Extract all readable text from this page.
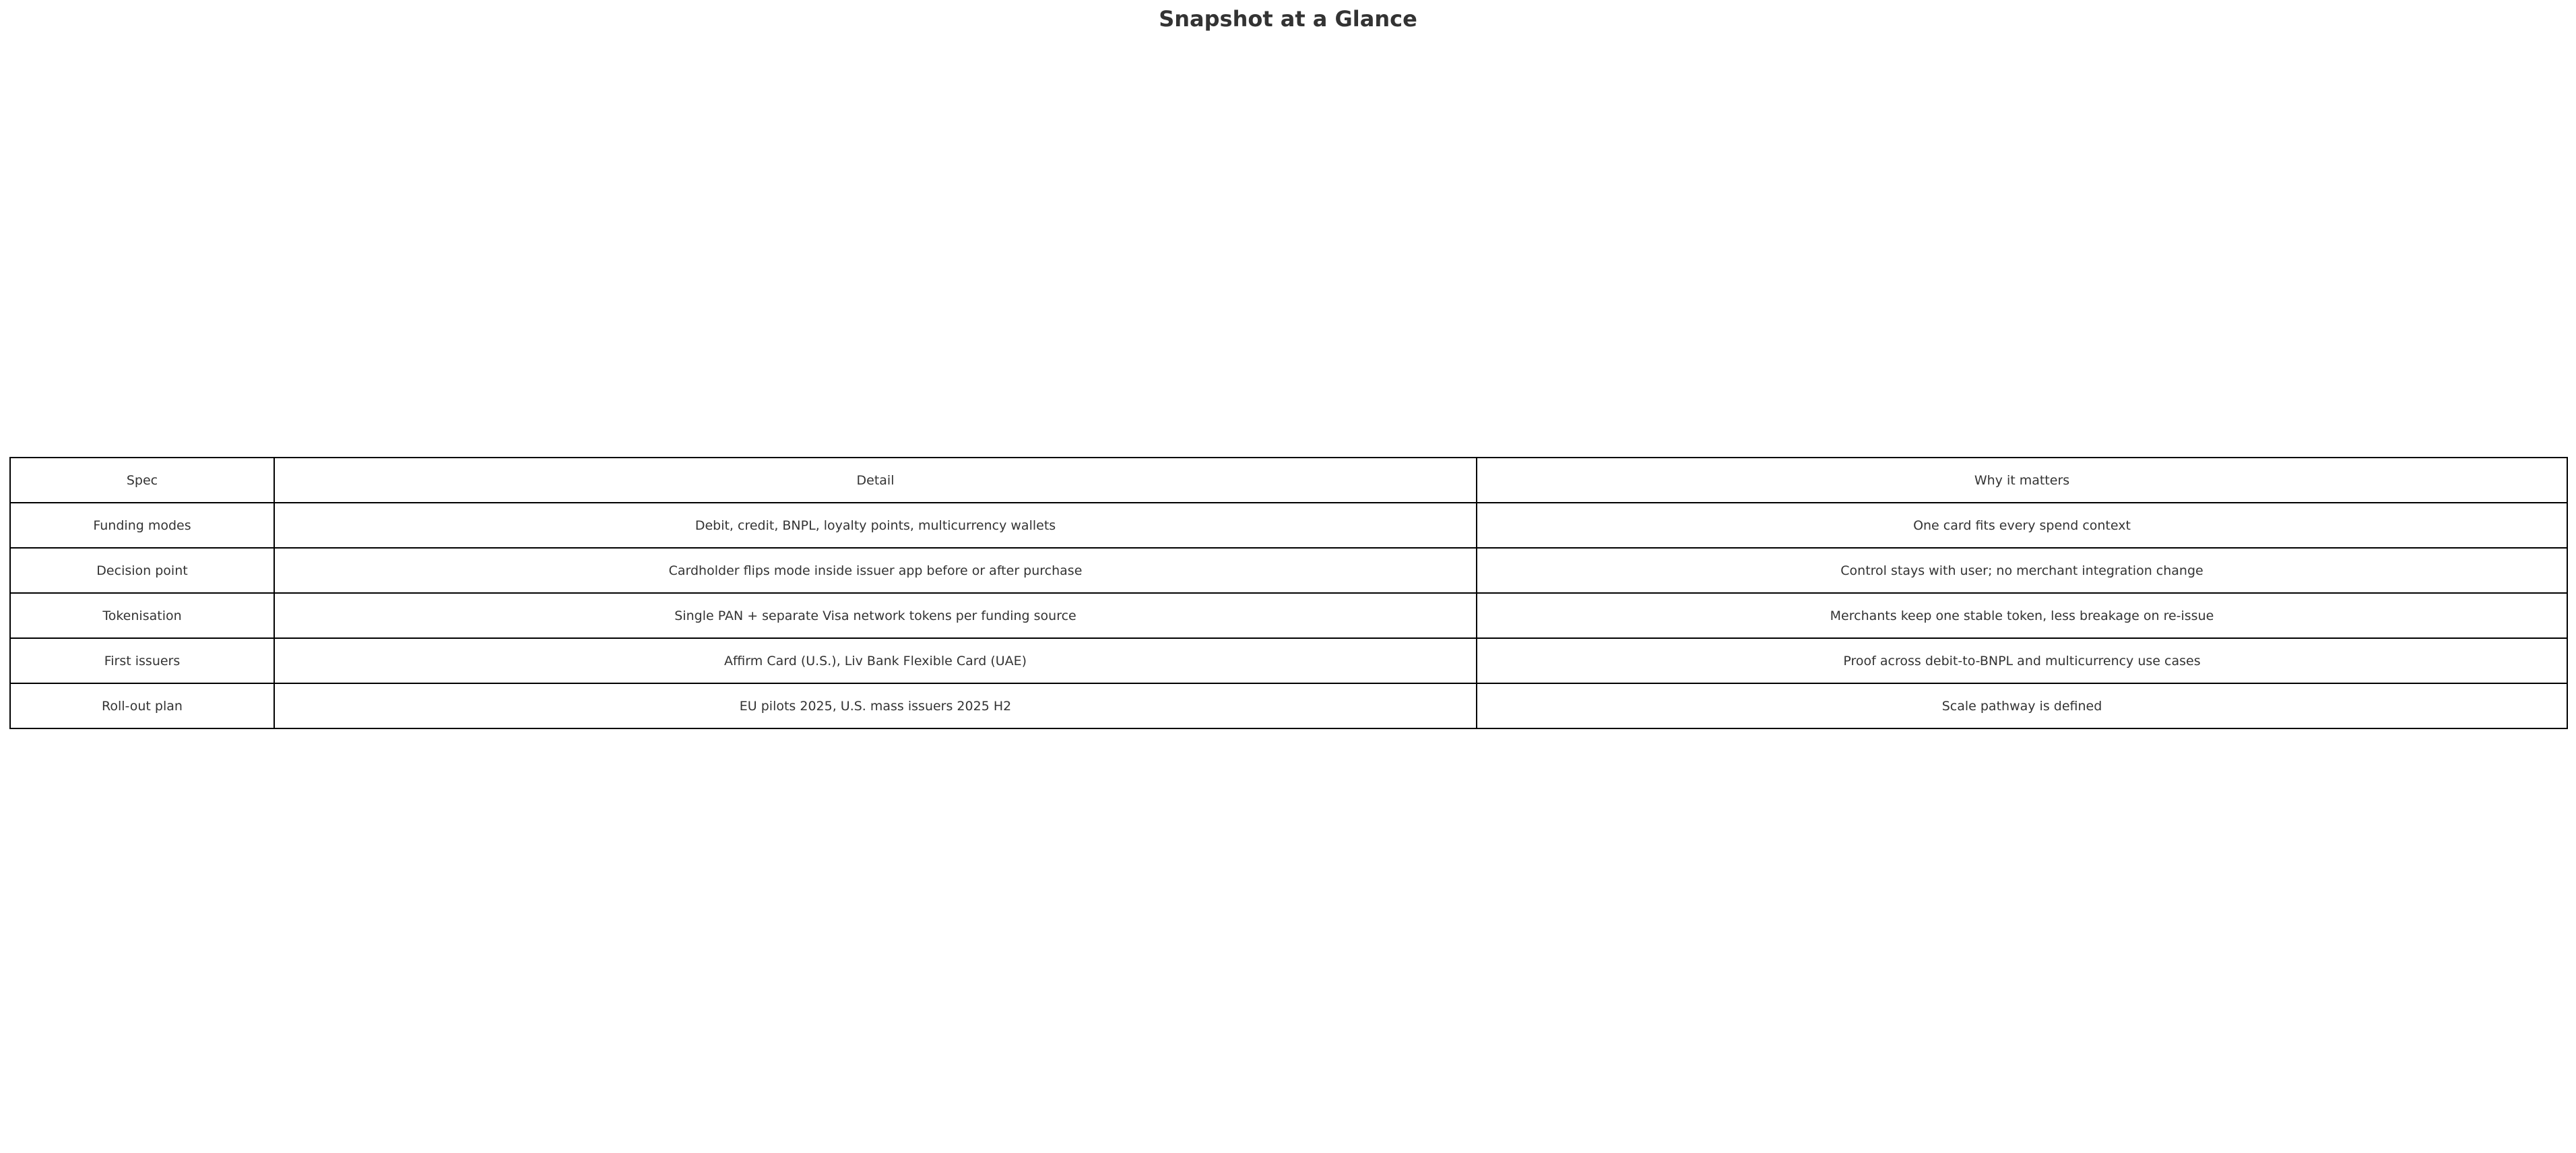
Snapshot at a Glance
Spec	Detail	Why it matters
Funding modes	Debit, credit, BNPL, loyalty points, multicurrency wallets	One card fits every spend context
Decision point	Cardholder flips mode inside issuer app before or after purchase	Control stays with user; no merchant integration change
Tokenisation	Single PAN + separate Visa network tokens per funding source	Merchants keep one stable token, less breakage on re-issue
First issuers	Affirm Card (U.S.), Liv Bank Flexible Card (UAE)	Proof across debit-to-BNPL and multicurrency use cases
Roll-out plan	EU pilots 2025, U.S. mass issuers 2025 H2	Scale pathway is defined
